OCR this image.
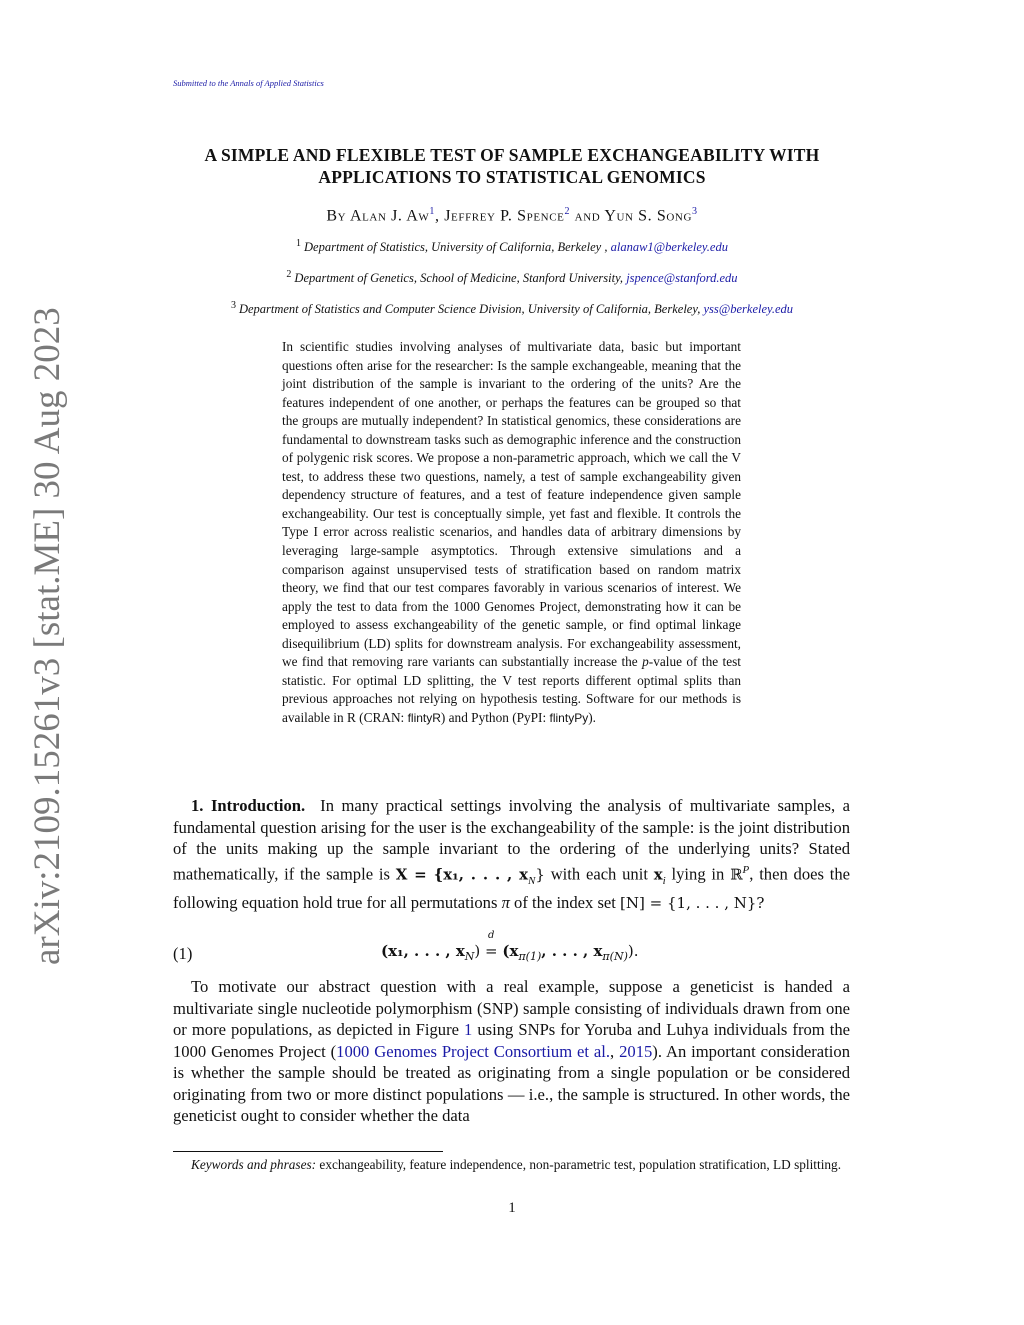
Submitted to the Annals of Applied Statistics
arXiv:2109.15261v3 [stat.ME] 30 Aug 2023
A SIMPLE AND FLEXIBLE TEST OF SAMPLE EXCHANGEABILITY WITH
APPLICATIONS TO STATISTICAL GENOMICS
By Alan J. Aw$^1$, Jeffrey P. Spence$^2$ and Yun S. Song$^3$
$^1$ Department of Statistics, University of California, Berkeley , alanaw1@berkeley.edu
$^2$ Department of Genetics, School of Medicine, Stanford University, jspence@stanford.edu
$^3$ Department of Statistics and Computer Science Division, University of California, Berkeley, yss@berkeley.edu
In scientific studies involving analyses of multivariate data, basic but important questions often arise for the researcher: Is the sample exchangeable, meaning that the joint distribution of the sample is invariant to the ordering of the units? Are the features independent of one another, or perhaps the features can be grouped so that the groups are mutually independent? In statistical genomics, these considerations are fundamental to downstream tasks such as demographic inference and the construction of polygenic risk scores. We propose a non-parametric approach, which we call the V test, to address these two questions, namely, a test of sample exchangeability given dependency structure of features, and a test of feature independence given sample exchangeability. Our test is conceptually simple, yet fast and flexible. It controls the Type I error across realistic scenarios, and handles data of arbitrary dimensions by leveraging large-sample asymptotics. Through extensive simulations and a comparison against unsupervised tests of stratification based on random matrix theory, we find that our test compares favorably in various scenarios of interest. We apply the test to data from the 1000 Genomes Project, demonstrating how it can be employed to assess exchangeability of the genetic sample, or find optimal linkage disequilibrium (LD) splits for downstream analysis. For exchangeability assessment, we find that removing rare variants can substantially increase the p-value of the test statistic. For optimal LD splitting, the V test reports different optimal splits than previous approaches not relying on hypothesis testing. Software for our methods is available in R (CRAN: flintyR) and Python (PyPI: flintyPy).
1. Introduction. In many practical settings involving the analysis of multivariate samples, a fundamental question arising for the user is the exchangeability of the sample: is the joint distribution of the units making up the sample invariant to the ordering of the underlying units? Stated mathematically, if the sample is X = {x₁, . . . , $x_N$} with each unit $x_i$ lying in ℝ$^P$, then does the following equation hold true for all permutations π of the index set [N] = {1, . . . , N}?
(1)	(x₁, . . . , $x_N$)
d
= ($x_{\pi(1)}$, . . . , $x_{\pi(N)}$).
To motivate our abstract question with a real example, suppose a geneticist is handed a multivariate single nucleotide polymorphism (SNP) sample consisting of individuals drawn from one or more populations, as depicted in Figure 1 using SNPs for Yoruba and Luhya individuals from the 1000 Genomes Project (1000 Genomes Project Consortium et al., 2015). An important consideration is whether the sample should be treated as originating from a single population or be considered originating from two or more distinct populations — i.e., the sample is structured. In other words, the geneticist ought to consider whether the data
Keywords and phrases: exchangeability, feature independence, non-parametric test, population stratification, LD splitting.
1
